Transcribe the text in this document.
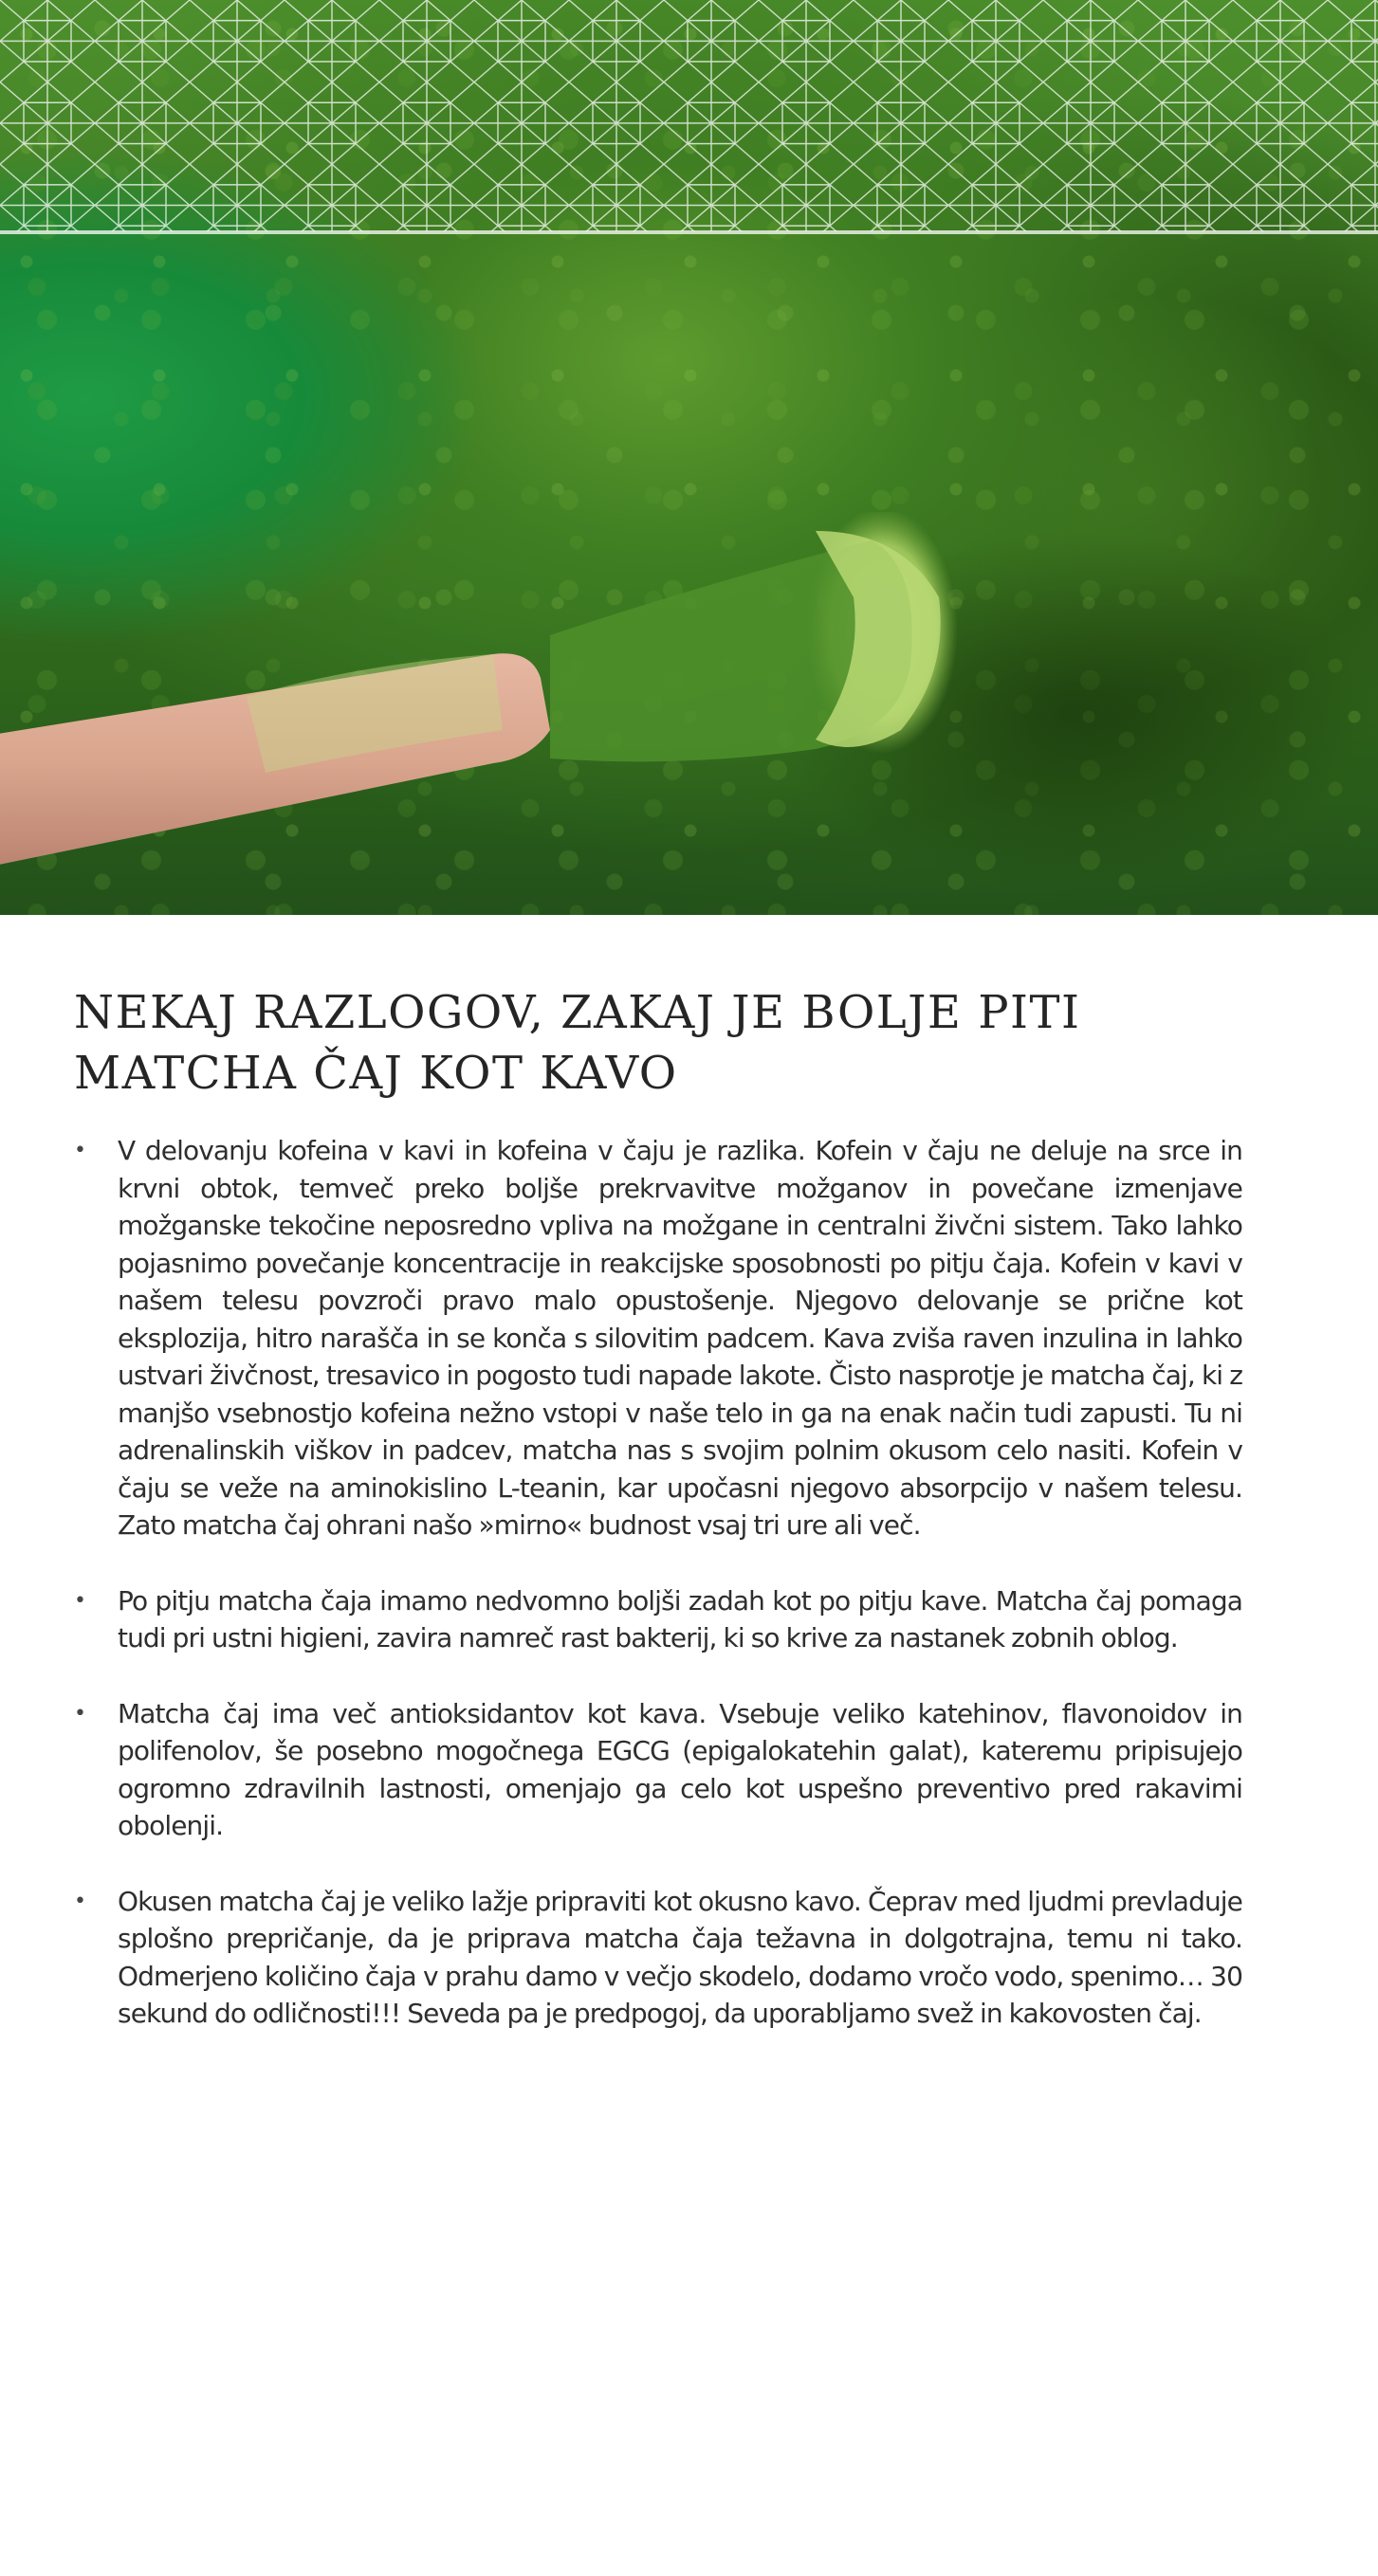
NEKAJ RAZLOGOV, ZAKAJ JE BOLJE PITI
MATCHA ČAJ KOT KAVO
• V delovanju kofeina v kavi in kofeina v čaju je razlika. Kofein v čaju ne deluje na srce in krvni obtok, temveč preko boljše prekrvavitve možganov in povečane izmenjave možganske tekočine neposredno vpliva na možgane in centralni živčni sistem. Tako lahko pojasnimo povečanje koncentracije in reakcijske sposobnosti po pitju čaja. Kofein v kavi v našem telesu povzroči pravo malo opustošenje. Njegovo delovanje se prične kot eksplozija, hitro narašča in se konča s silovitim padcem. Kava zviša raven inzulina in lahko ustvari živčnost, tresavico in pogosto tudi napade lakote. Čisto nasprotje je matcha čaj, ki z manjšo vsebnostjo kofeina nežno vstopi v naše telo in ga na enak način tudi zapusti. Tu ni adrenalinskih viškov in padcev, matcha nas s svojim polnim okusom celo nasiti. Kofein v čaju se veže na aminokislino L-teanin, kar upočasni njegovo absorpcijo v našem telesu. Zato matcha čaj ohrani našo »mirno« budnost vsaj tri ure ali več.
• Po pitju matcha čaja imamo nedvomno boljši zadah kot po pitju kave. Matcha čaj pomaga tudi pri ustni higieni, zavira namreč rast bakterij, ki so krive za nastanek zobnih oblog.
• Matcha čaj ima več antioksidantov kot kava. Vsebuje veliko katehinov, flavonoidov in polifenolov, še posebno mogočnega EGCG (epigalokatehin galat), kateremu pripisujejo ogromno zdravilnih lastnosti, omenjajo ga celo kot uspešno preventivo pred rakavimi obolenji.
• Okusen matcha čaj je veliko lažje pripraviti kot okusno kavo. Čeprav med ljudmi prevladuje splošno prepričanje, da je priprava matcha čaja težavna in dolgotrajna, temu ni tako. Odmerjeno količino čaja v prahu damo v večjo skodelo, dodamo vročo vodo, spenimo… 30 sekund do odličnosti!!! Seveda pa je predpogoj, da uporabljamo svež in kakovosten čaj.
